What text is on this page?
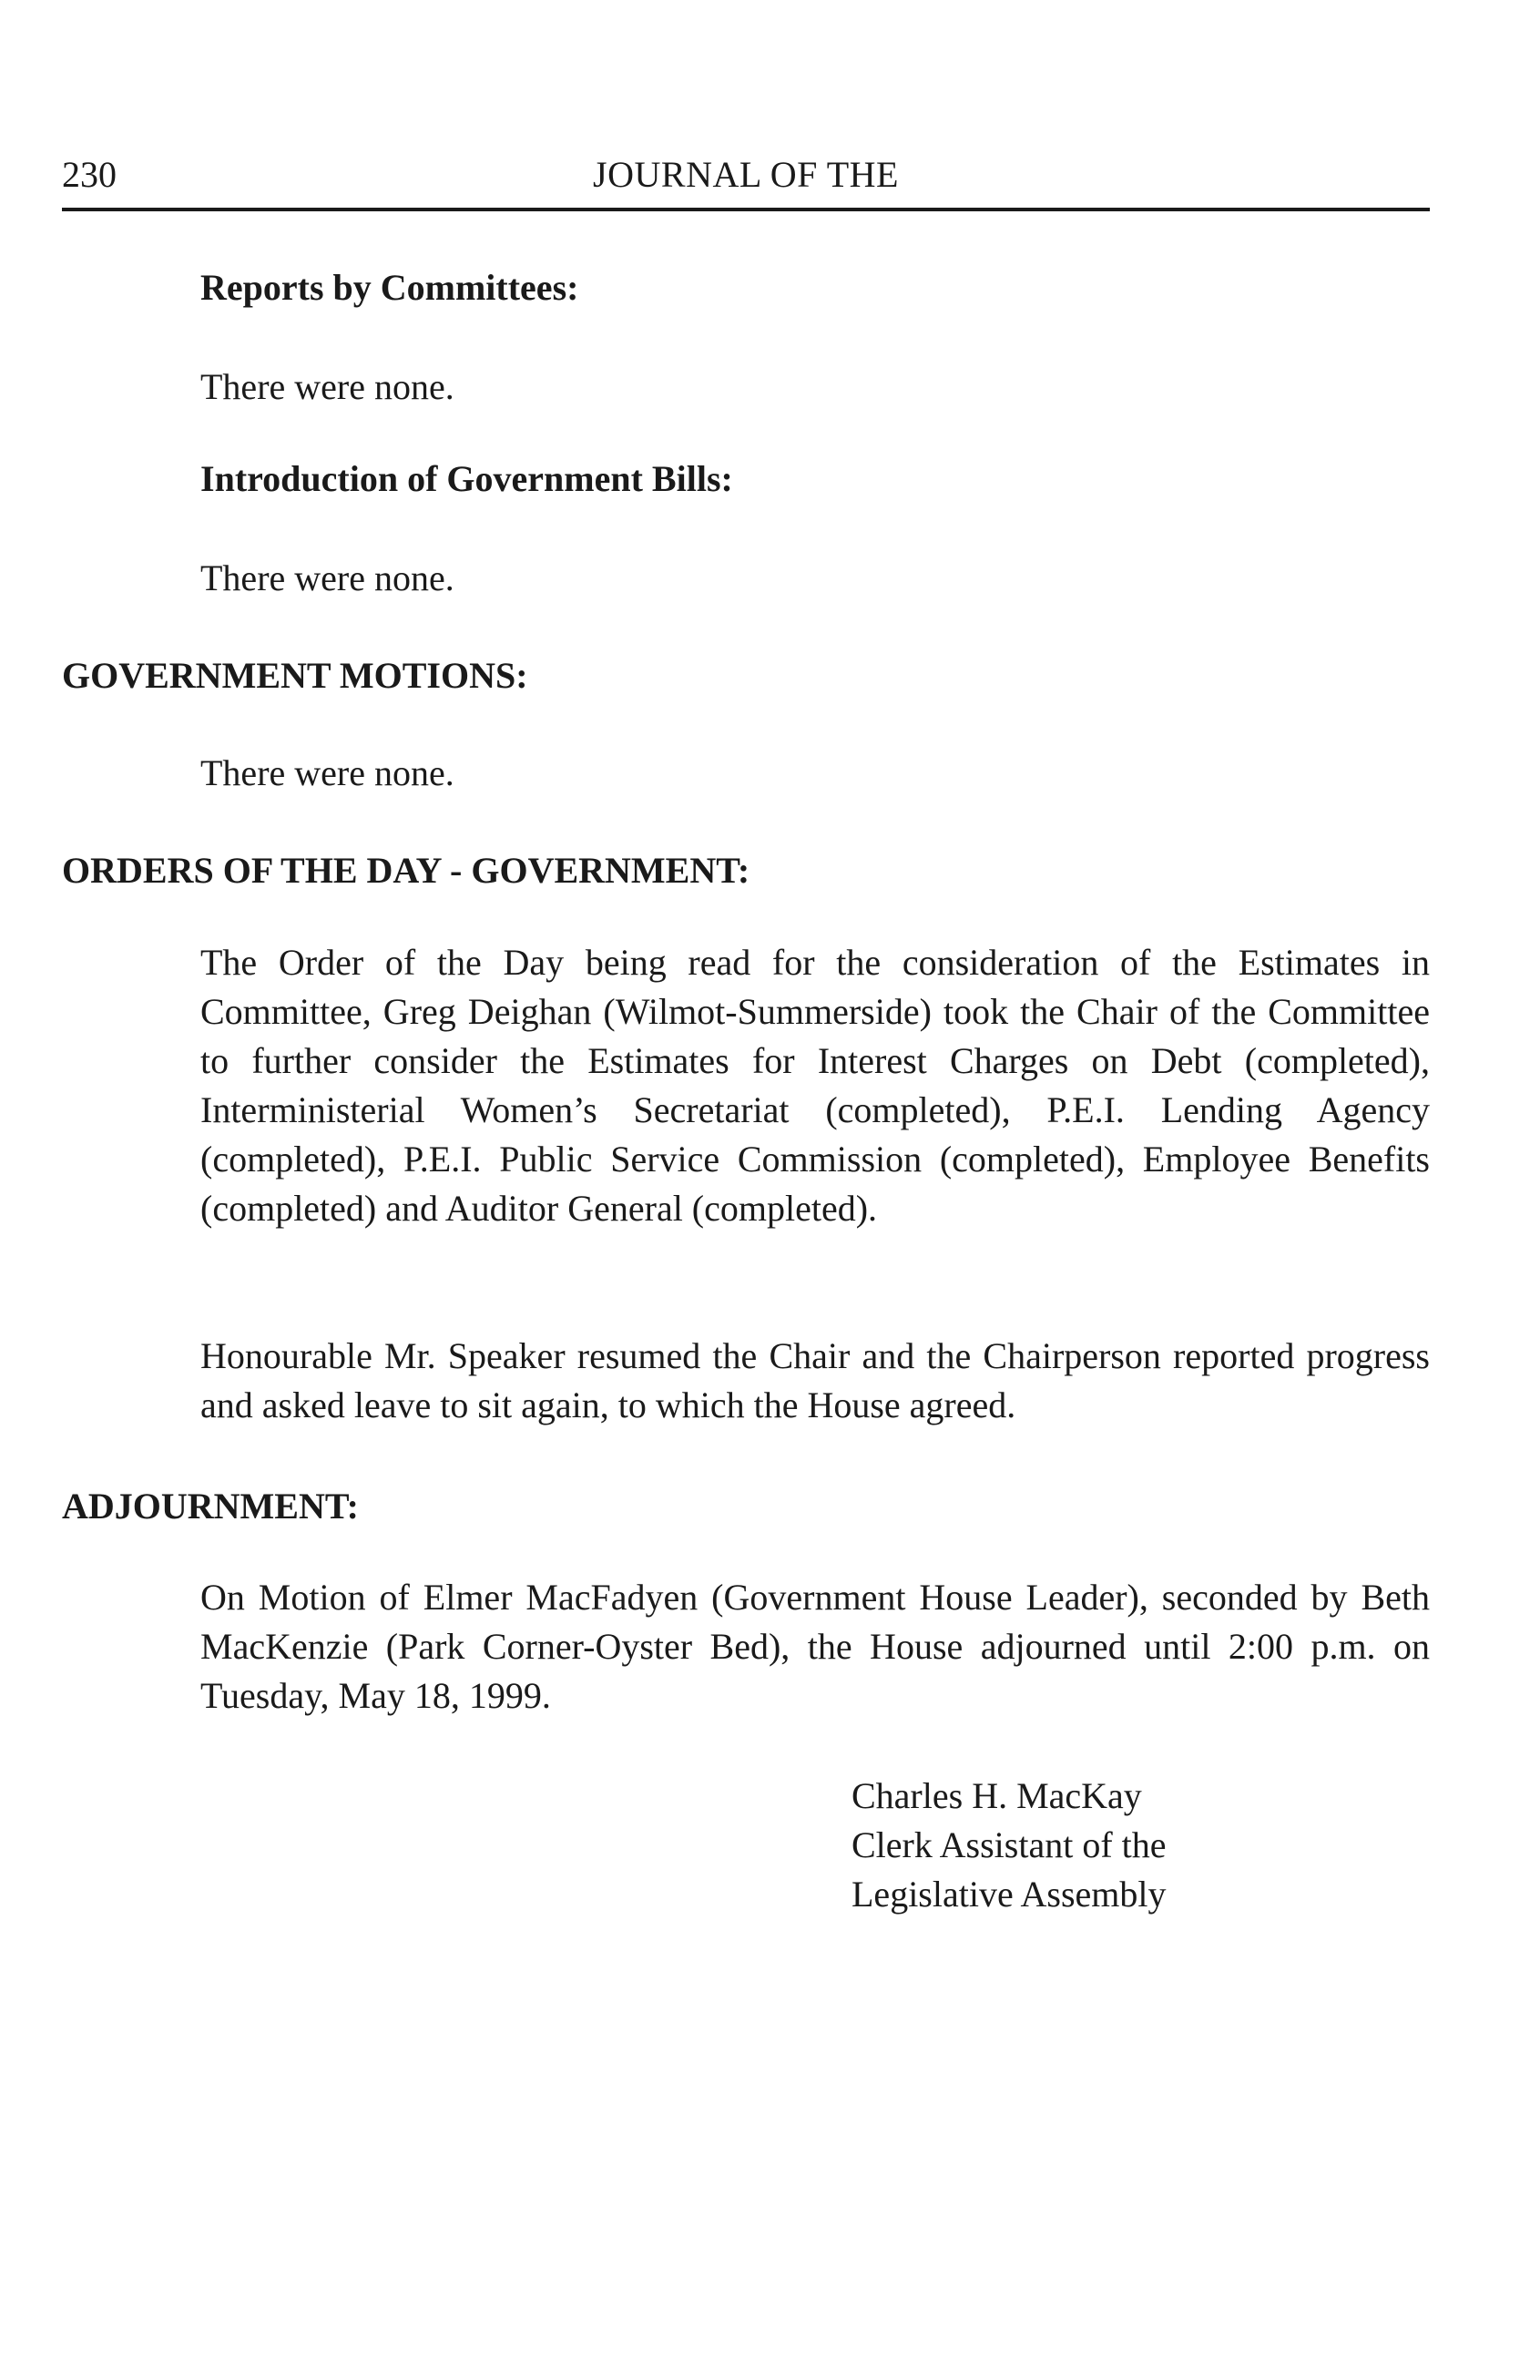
230	JOURNAL OF THE
Reports by Committees:
There were none.
Introduction of Government Bills:
There were none.
GOVERNMENT MOTIONS:
There were none.
ORDERS OF THE DAY - GOVERNMENT:
The Order of the Day being read for the consideration of the Estimates in Committee, Greg Deighan (Wilmot-Summerside) took the Chair of the Committee to further consider the Estimates for Interest Charges on Debt (completed), Interministerial Women’s Secretariat (completed), P.E.I. Lending Agency (completed), P.E.I. Public Service Commission (completed), Employee Benefits (completed) and Auditor General (completed).
Honourable Mr. Speaker resumed the Chair and the Chairperson reported progress and asked leave to sit again, to which the House agreed.
ADJOURNMENT:
On Motion of Elmer MacFadyen (Government House Leader), seconded by Beth MacKenzie (Park Corner-Oyster Bed), the House adjourned until 2:00 p.m. on Tuesday, May 18, 1999.
Charles H. MacKay
Clerk Assistant of the
Legislative Assembly
